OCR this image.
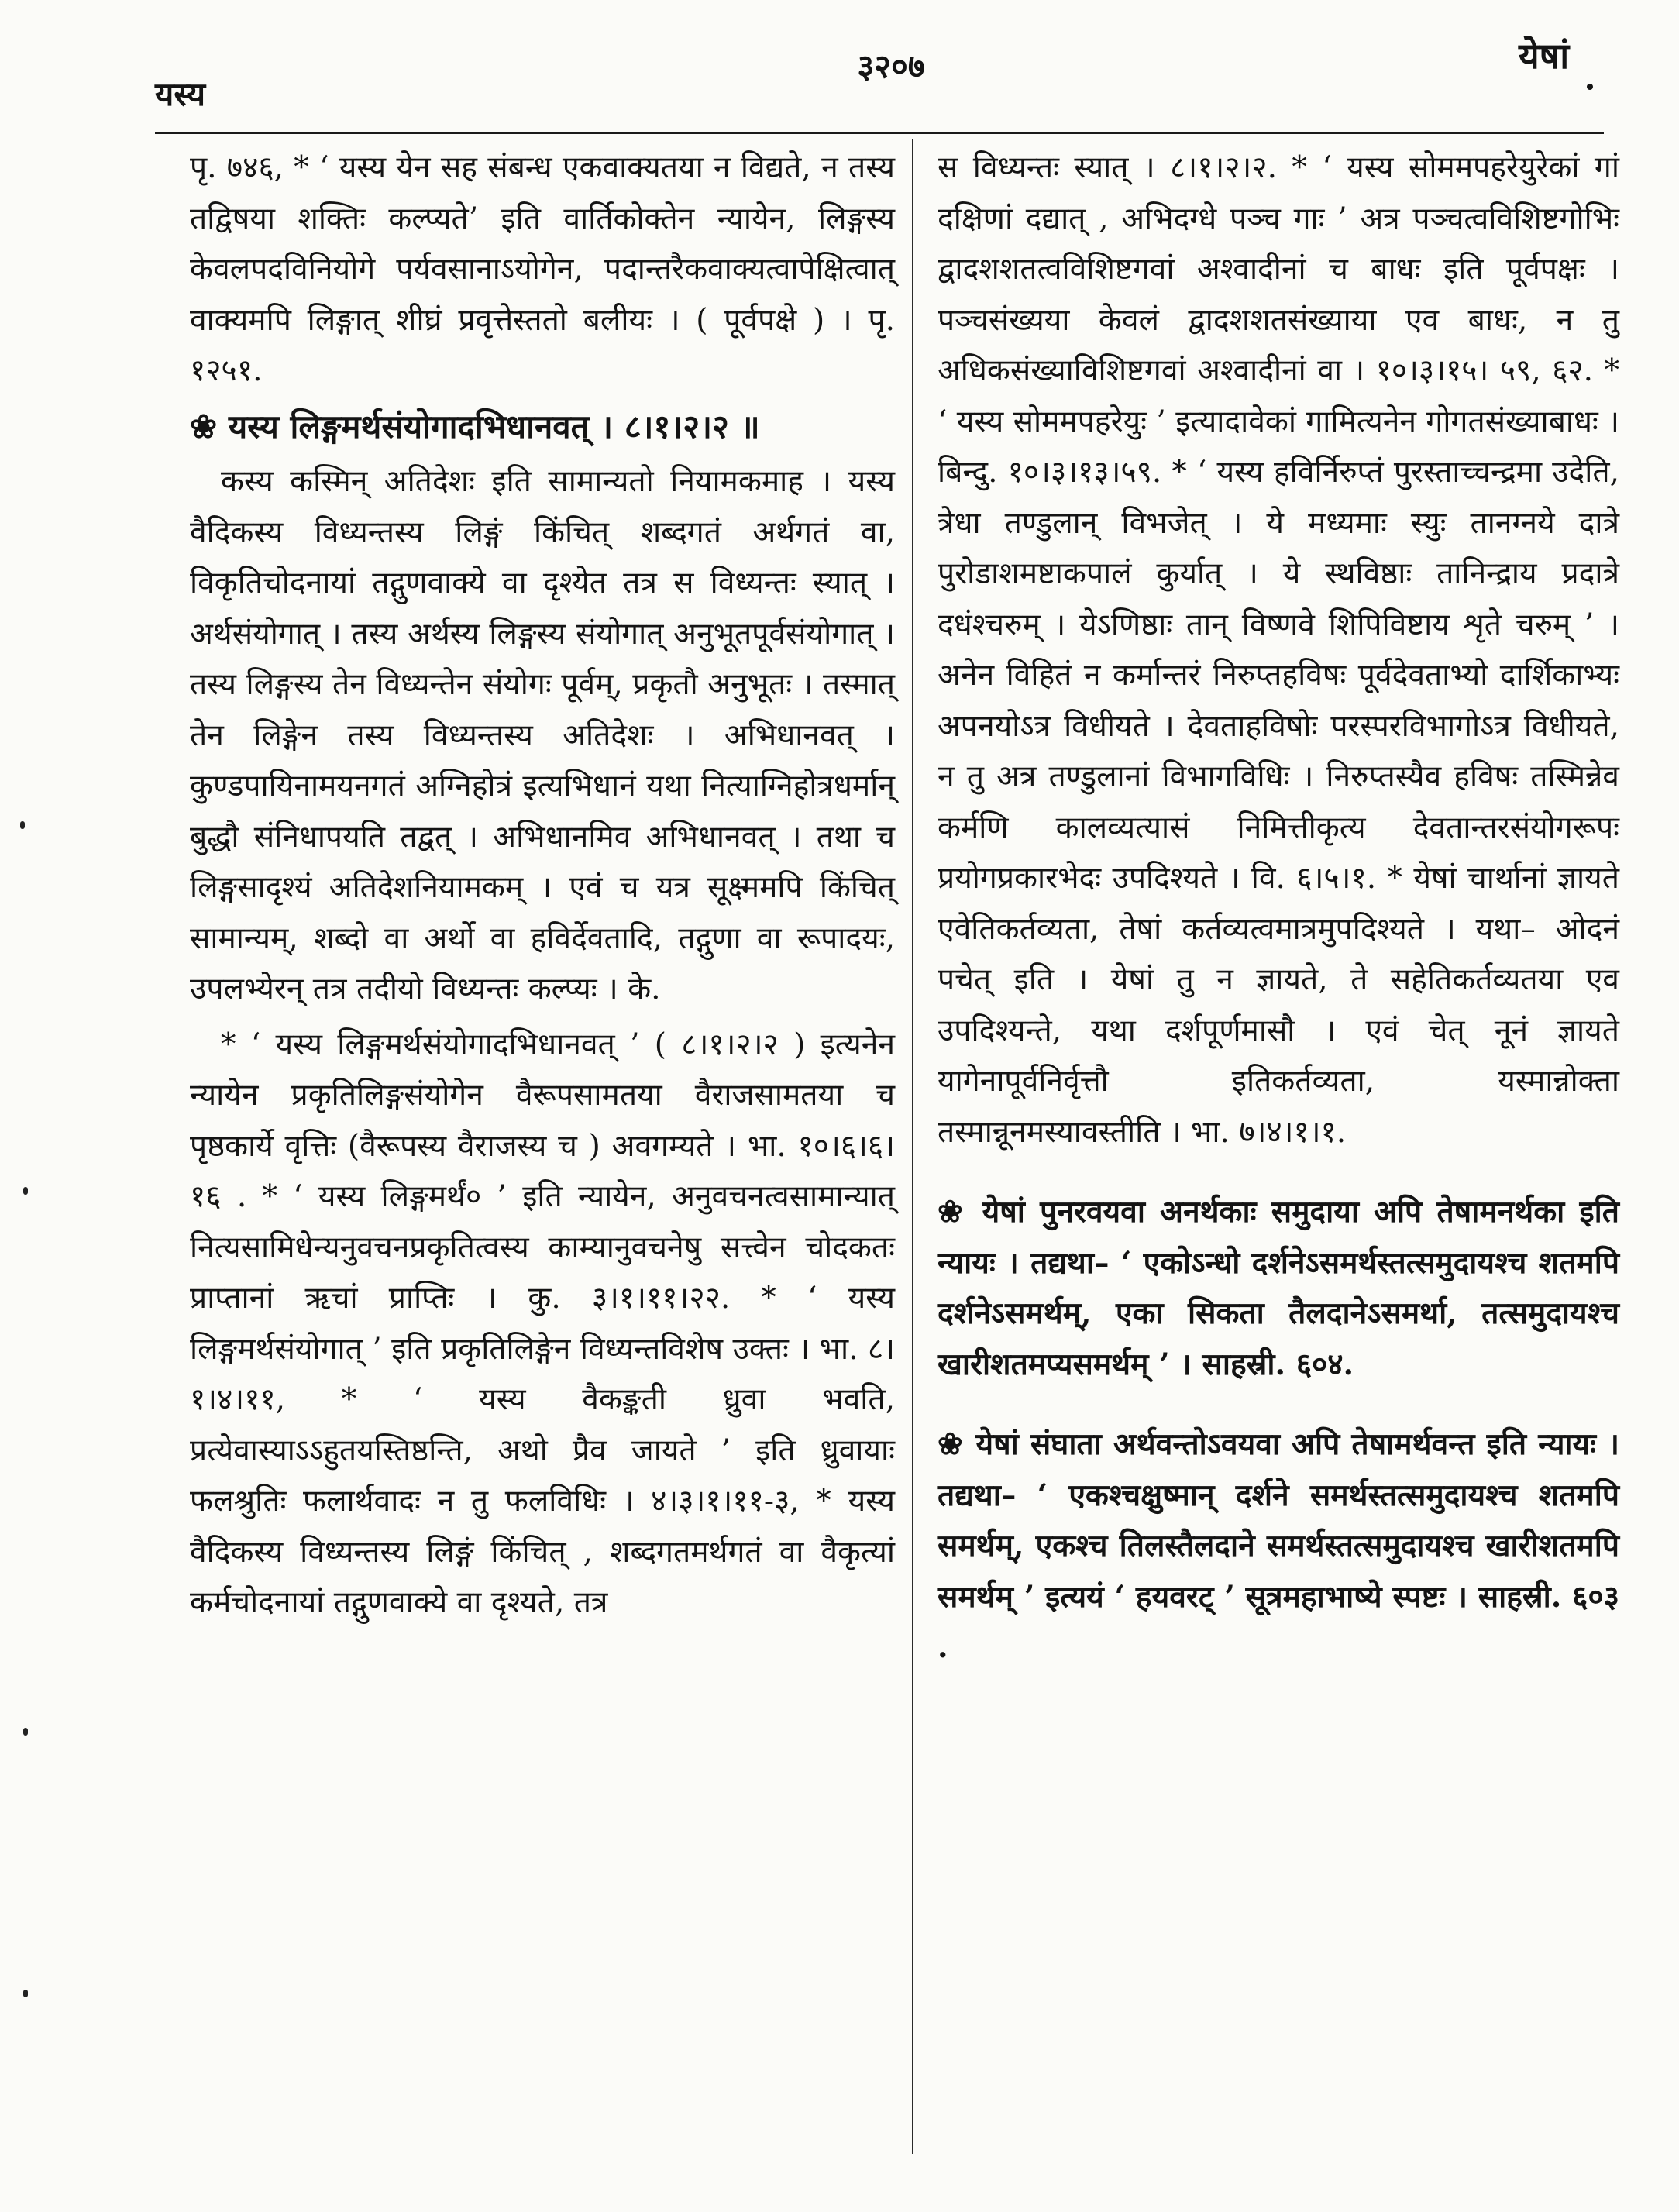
यस्य
३२०७	येषां

पृ. ७४६, * ‘ यस्य येन सह संबन्ध एकवाक्यतया न विद्यते, न तस्य तद्विषया शक्तिः कल्प्यते’ इति वार्तिकोक्तेन न्यायेन, लिङ्गस्य केवलपदविनियोगे पर्यवसानाऽयोगेन, पदान्तरैकवाक्यत्वापेक्षित्वात् वाक्यमपि लिङ्गात् शीघ्रं प्रवृत्तेस्ततो बलीयः । ( पूर्वपक्षे ) । पृ. १२५१.

❀ यस्य लिङ्गमर्थसंयोगादभिधानवत् । ८।१।२।२ ॥

कस्य कस्मिन् अतिदेशः इति सामान्यतो नियामकमाह । यस्य वैदिकस्य विध्यन्तस्य लिङ्गं किंचित् शब्दगतं अर्थगतं वा, विकृतिचोदनायां तद्गुणवाक्ये वा दृश्येत तत्र स विध्यन्तः स्यात् । अर्थसंयोगात् । तस्य अर्थस्य लिङ्गस्य संयोगात् अनुभूतपूर्वसंयोगात् । तस्य लिङ्गस्य तेन विध्यन्तेन संयोगः पूर्वम्, प्रकृतौ अनुभूतः । तस्मात् तेन लिङ्गेन तस्य विध्यन्तस्य अतिदेशः । अभिधानवत् । कुण्डपायिनामयनगतं अग्निहोत्रं इत्यभिधानं यथा नित्याग्निहोत्रधर्मान् बुद्धौ संनिधापयति तद्वत् । अभिधानमिव अभिधानवत् । तथा च लिङ्गसादृश्यं अतिदेशनियामकम् । एवं च यत्र सूक्ष्ममपि किंचित् सामान्यम्, शब्दो वा अर्थो वा हविर्देवतादि, तद्गुणा वा रूपादयः, उपलभ्येरन् तत्र तदीयो विध्यन्तः कल्प्यः । के.

* ‘ यस्य लिङ्गमर्थसंयोगादभिधानवत् ’ ( ८।१।२।२ ) इत्यनेन न्यायेन प्रकृतिलिङ्गसंयोगेन वैरूपसामतया वैराजसामतया च पृष्ठकार्ये वृत्तिः (वैरूपस्य वैराजस्य च ) अवगम्यते । भा. १०।६।६।१६ . * ‘ यस्य लिङ्गमर्थं० ’ इति न्यायेन, अनुवचनत्वसामान्यात् नित्यसामिधेन्यनुवचनप्रकृतित्वस्य काम्यानुवचनेषु सत्त्वेन चोदकतः प्राप्तानां ऋचां प्राप्तिः । कु. ३।१।११।२२. * ‘ यस्य लिङ्गमर्थसंयोगात् ’ इति प्रकृतिलिङ्गेन विध्यन्तविशेष उक्तः । भा. ८।१।४।११, * ‘ यस्य वैकङ्कती ध्रुवा भवति, प्रत्येवास्याऽऽहुतयस्तिष्ठन्ति, अथो प्रैव जायते ’ इति ध्रुवायाः फलश्रुतिः फलार्थवादः न तु फलविधिः । ४।३।१।११-३, * यस्य वैदिकस्य विध्यन्तस्य लिङ्गं किंचित् , शब्दगतमर्थगतं वा वैकृत्यां कर्मचोदनायां तद्गुणवाक्ये वा दृश्यते, तत्र

स विध्यन्तः स्यात् । ८।१।२।२. * ‘ यस्य सोममपहरेयुरेकां गां दक्षिणां दद्यात् , अभिदग्धे पञ्च गाः ’ अत्र पञ्चत्वविशिष्टगोभिः द्वादशशतत्वविशिष्टगवां अश्वादीनां च बाधः इति पूर्वपक्षः । पञ्चसंख्यया केवलं द्वादशशतसंख्याया एव बाधः, न तु अधिकसंख्याविशिष्टगवां अश्वादीनां वा । १०।३।१५। ५९, ६२. * ‘ यस्य सोममपहरेयुः ’ इत्यादावेकां गामित्यनेन गोगतसंख्याबाधः । बिन्दु. १०।३।१३।५९. * ‘ यस्य हविर्निरुप्तं पुरस्ताच्चन्द्रमा उदेति, त्रेधा तण्डुलान् विभजेत् । ये मध्यमाः स्युः तानग्नये दात्रे पुरोडाशमष्टाकपालं कुर्यात् । ये स्थविष्ठाः तानिन्द्राय प्रदात्रे दधंश्चरुम् । येऽणिष्ठाः तान् विष्णवे शिपिविष्टाय शृते चरुम् ’ । अनेन विहितं न कर्मान्तरं निरुप्तहविषः पूर्वदेवताभ्यो दार्शिकाभ्यः अपनयोऽत्र विधीयते । देवताहविषोः परस्परविभागोऽत्र विधीयते, न तु अत्र तण्डुलानां विभागविधिः । निरुप्तस्यैव हविषः तस्मिन्नेव कर्मणि कालव्यत्यासं निमित्तीकृत्य देवतान्तरसंयोगरूपः प्रयोगप्रकारभेदः उपदिश्यते । वि. ६।५।१. * येषां चार्थानां ज्ञायते एवेतिकर्तव्यता, तेषां कर्तव्यत्वमात्रमुपदिश्यते । यथा– ओदनं पचेत् इति । येषां तु न ज्ञायते, ते सहेतिकर्तव्यतया एव उपदिश्यन्ते, यथा दर्शपूर्णमासौ । एवं चेत् नूनं ज्ञायते यागेनापूर्वनिर्वृत्तौ इतिकर्तव्यता, यस्मान्नोक्ता तस्मान्नूनमस्यावस्तीति । भा. ७।४।१।१.

❀ येषां पुनरवयवा अनर्थकाः समुदाया अपि तेषामनर्थका इति न्यायः । तद्यथा– ‘ एकोऽन्धो दर्शनेऽसमर्थस्तत्समुदायश्च शतमपि दर्शनेऽसमर्थम्, एका सिकता तैलदानेऽसमर्था, तत्समुदायश्च खारीशतमप्यसमर्थम् ’ । साहस्री. ६०४.

❀ येषां संघाता अर्थवन्तोऽवयवा अपि तेषामर्थवन्त इति न्यायः । तद्यथा– ‘ एकश्चक्षुष्मान् दर्शने समर्थस्तत्समुदायश्च शतमपि समर्थम्, एकश्च तिलस्तैलदाने समर्थस्तत्समुदायश्च खारीशतमपि समर्थम् ’ इत्ययं ‘ हयवरट् ’ सूत्रमहाभाष्ये स्पष्टः । साहस्री. ६०३ .
